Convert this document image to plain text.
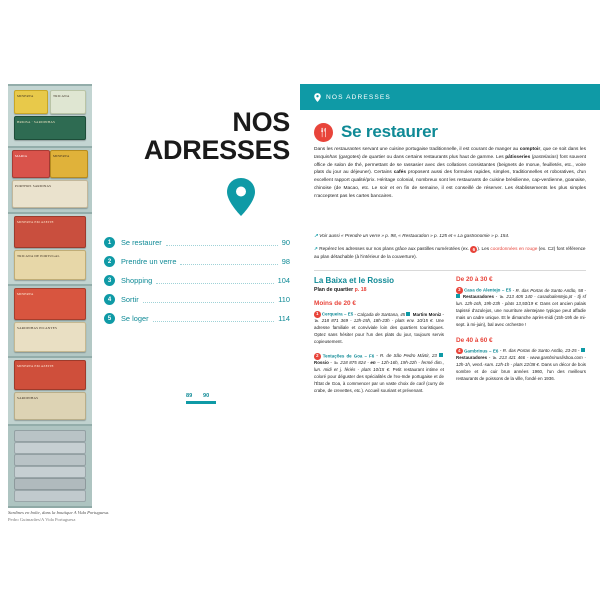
MINERVA	TRICANA
BRIOSA · SARDINHAS
MARIA	MINERVA
PORTHOS SARDINAS
MINERVA EM AZEITE
TRICANA DE PORTUGAL
MINERVA
SARDINHAS PICANTES
MINERVA EM AZEITE
SARDINHAS
Sardines en boîte, dans la boutique A Vida Portuguesa.
Pedro Guimarães/A Vida Portuguesa
NOS
ADRESSES
1	Se restaurer	90
2	Prendre un verre	98
3	Shopping	104
4	Sortir	110
5	Se loger	114
89 90
NOS ADRESSES
Se restaurer
Dans les restaurantes servant une cuisine portugaise traditionnelle, il est courant de manger au comptoir, que ce soit dans les tasquinhas (gargotes) de quartier ou dans certains restaurants plus haut de gamme. Les pâtisseries (pastelarias) font souvent office de salon de thé, permettant de se rassasier avec des collations consistantes (beignets de morue, feuilletés, etc., voire plats du jour au déjeuner). Certains cafés proposent aussi des formules rapides, simples, traditionnelles et roboratives, d'un excellent rapport qualité/prix. Héritage colonial, nombreux sont les restaurants de cuisine brésilienne, cap-verdienne, goanaise, chinoise (de Macao, etc. Le soir et en fin de semaine, il est conseillé de réserver. Les établissements les plus simples n'acceptent pas les cartes bancaires.
↗ Voir aussi « Prendre un verre » p. 98, « Restauration » p. 125 et « La gastronomie » p. 154.
↗ Repérez les adresses sur nos plans grâce aux pastilles numérotées (ex. 6 ). Les coordonnées en rouge (ex. C2) font référence au plan détachable (à l'intérieur de la couverture).
La Baixa et le Rossio
Plan de quartier p. 18
Moins de 20 €
1 Cerqueira – E5 - Calçada de Santana, 45 Martim Moniz - ℡ 218 871 369 - 12h-15h, 18h-23h - plats env. 10/15 €. Une adresse familiale et conviviale loin des quartiers touristiques. Optez sans hésiter pour l'un des plats du jour, toujours servis copieusement.
2 Tentações de Goa – F6 - R. de São Pedro Mártir, 23  Rossio - ℡ 218 875 824 - en – 12h-16h, 19h-22h - fermé dim., lun. midi et j. fériés - plats 10/15 €. Petit restaurant intime et coloré pour déguster des spécialités de l'ex-Inde portugaise et de l'État de Goa, à commencer par un vaste choix de caril (curry de crabe, de crevettes, etc.). Accueil souriant et prévenant.
De 20 à 30 €
3 Casa do Alentejo – E5 - R. das Portas de Santo Antão, 58 -  Restauradores - ℡ 213 405 140 - casadoalentejo.pt - tlj sf lun. 12h-16h, 19h-23h - plats 13,50/19 €. Dans cet ancien palais tapissé d'azulejos, une nourriture alentejane typique peut affadie mais un cadre unique. Et le dimanche après-midi (15h-19h de mi-sept. à mi-juin), bal avec orchestre !
De 40 à 60 €
4 Gambrinus – E6 - R. das Portas de Santo Antão, 23-25 -  Restauradores - ℡ 213 421 466 - www.gambrinuslisboa.com - 12h-1h, vend.-sam. 12h-1h - plats 22/38 €. Dans un décor de bois sombre et de cuir brun années 1960, l'un des meilleurs restaurants de poissons de la ville, fondé en 1936.
